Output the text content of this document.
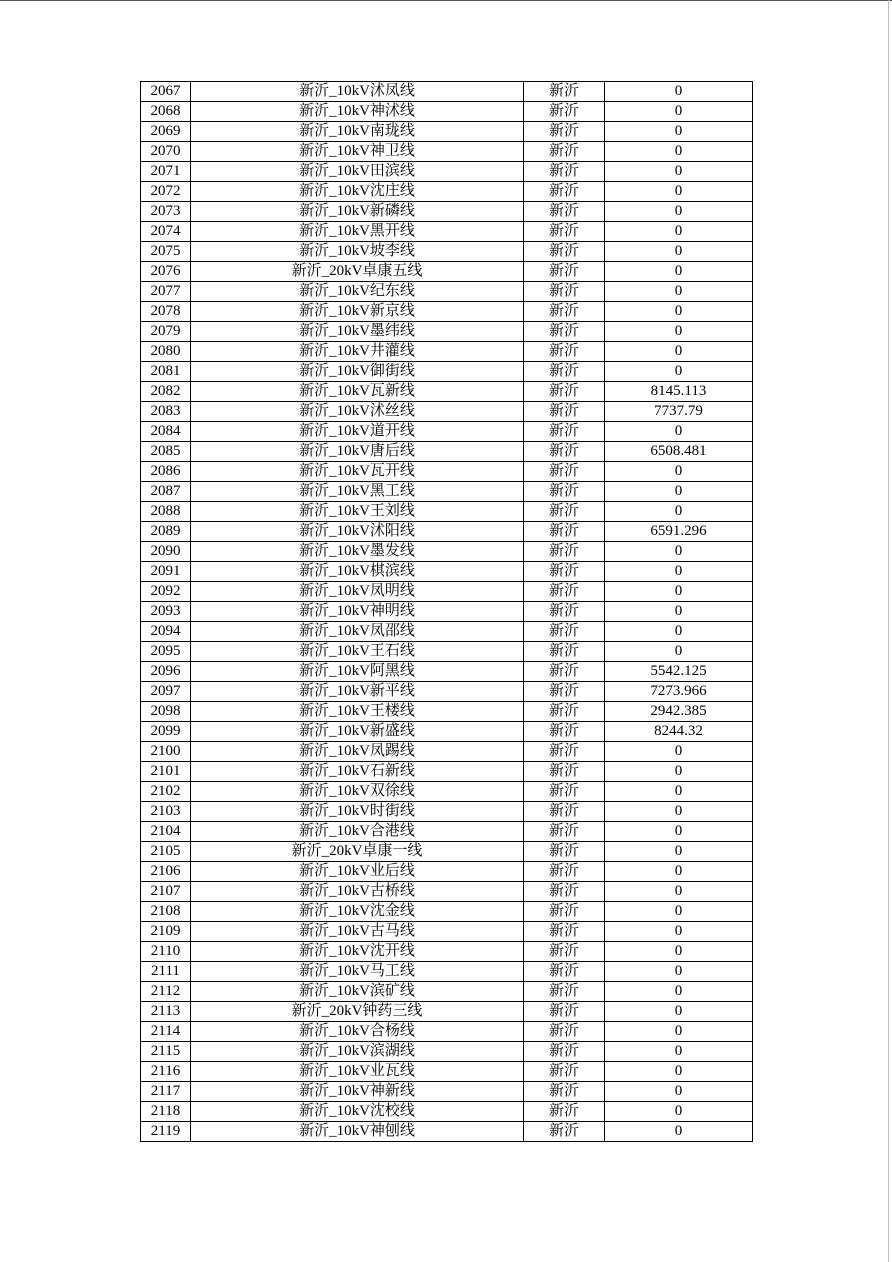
2067	新沂_10kV沭凤线	新沂	0
2068	新沂_10kV神沭线	新沂	0
2069	新沂_10kV南珑线	新沂	0
2070	新沂_10kV神卫线	新沂	0
2071	新沂_10kV田滨线	新沂	0
2072	新沂_10kV沈庄线	新沂	0
2073	新沂_10kV新磷线	新沂	0
2074	新沂_10kV黑开线	新沂	0
2075	新沂_10kV坡李线	新沂	0
2076	新沂_20kV卓康五线	新沂	0
2077	新沂_10kV纪东线	新沂	0
2078	新沂_10kV新京线	新沂	0
2079	新沂_10kV墨纬线	新沂	0
2080	新沂_10kV井灌线	新沂	0
2081	新沂_10kV御街线	新沂	0
2082	新沂_10kV瓦新线	新沂	8145.113
2083	新沂_10kV沭丝线	新沂	7737.79
2084	新沂_10kV道开线	新沂	0
2085	新沂_10kV唐后线	新沂	6508.481
2086	新沂_10kV瓦开线	新沂	0
2087	新沂_10kV黑工线	新沂	0
2088	新沂_10kV王刘线	新沂	0
2089	新沂_10kV沭阳线	新沂	6591.296
2090	新沂_10kV墨发线	新沂	0
2091	新沂_10kV棋滨线	新沂	0
2092	新沂_10kV凤明线	新沂	0
2093	新沂_10kV神明线	新沂	0
2094	新沂_10kV凤邵线	新沂	0
2095	新沂_10kV王石线	新沂	0
2096	新沂_10kV阿黑线	新沂	5542.125
2097	新沂_10kV新平线	新沂	7273.966
2098	新沂_10kV王楼线	新沂	2942.385
2099	新沂_10kV新盛线	新沂	8244.32
2100	新沂_10kV凤踢线	新沂	0
2101	新沂_10kV石新线	新沂	0
2102	新沂_10kV双徐线	新沂	0
2103	新沂_10kV时街线	新沂	0
2104	新沂_10kV合港线	新沂	0
2105	新沂_20kV卓康一线	新沂	0
2106	新沂_10kV业后线	新沂	0
2107	新沂_10kV古桥线	新沂	0
2108	新沂_10kV沈金线	新沂	0
2109	新沂_10kV古马线	新沂	0
2110	新沂_10kV沈开线	新沂	0
2111	新沂_10kV马工线	新沂	0
2112	新沂_10kV滨矿线	新沂	0
2113	新沂_20kV钟药三线	新沂	0
2114	新沂_10kV合杨线	新沂	0
2115	新沂_10kV滨湖线	新沂	0
2116	新沂_10kV业瓦线	新沂	0
2117	新沂_10kV神新线	新沂	0
2118	新沂_10kV沈校线	新沂	0
2119	新沂_10kV神刨线	新沂	0
